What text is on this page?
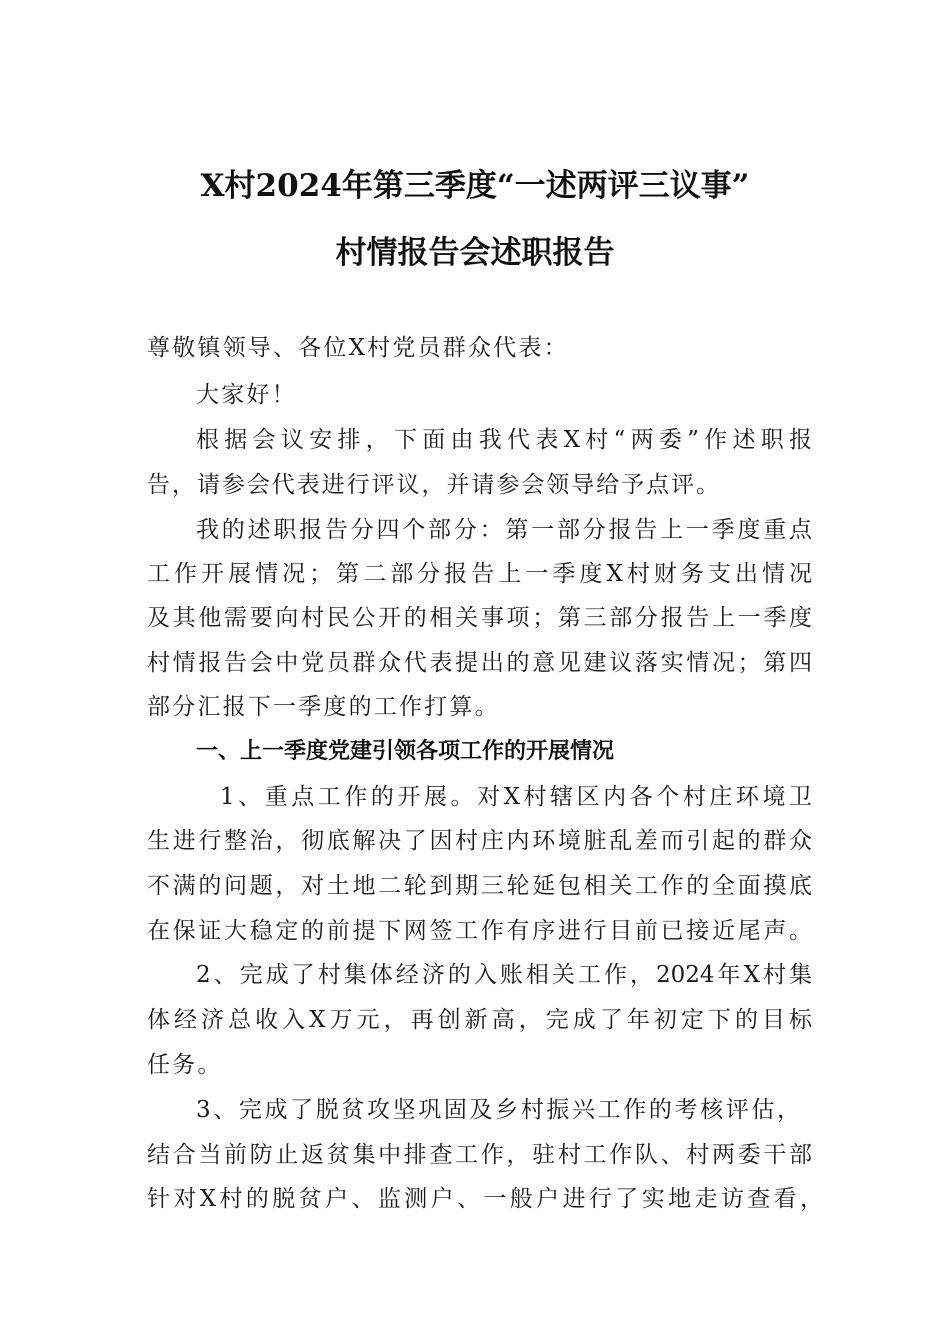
X村2024年第三季度“一述两评三议事”
村情报告会述职报告
尊敬镇领导、各位X村党员群众代表：
大家好！
根据会议安排，下面由我代表X村“两委”作述职报
告，请参会代表进行评议，并请参会领导给予点评。
我的述职报告分四个部分：第一部分报告上一季度重点
工作开展情况；第二部分报告上一季度X村财务支出情况
及其他需要向村民公开的相关事项；第三部分报告上一季度
村情报告会中党员群众代表提出的意见建议落实情况；第四
部分汇报下一季度的工作打算。
一、上一季度党建引领各项工作的开展情况
1、重点工作的开展。对X村辖区内各个村庄环境卫
生进行整治，彻底解决了因村庄内环境脏乱差而引起的群众
不满的问题，对土地二轮到期三轮延包相关工作的全面摸底
在保证大稳定的前提下网签工作有序进行目前已接近尾声。
2、完成了村集体经济的入账相关工作，2024年X村集
体经济总收入X万元，再创新高，完成了年初定下的目标
任务。
3、完成了脱贫攻坚巩固及乡村振兴工作的考核评估，
结合当前防止返贫集中排查工作，驻村工作队、村两委干部
针对X村的脱贫户、监测户、一般户进行了实地走访查看，
